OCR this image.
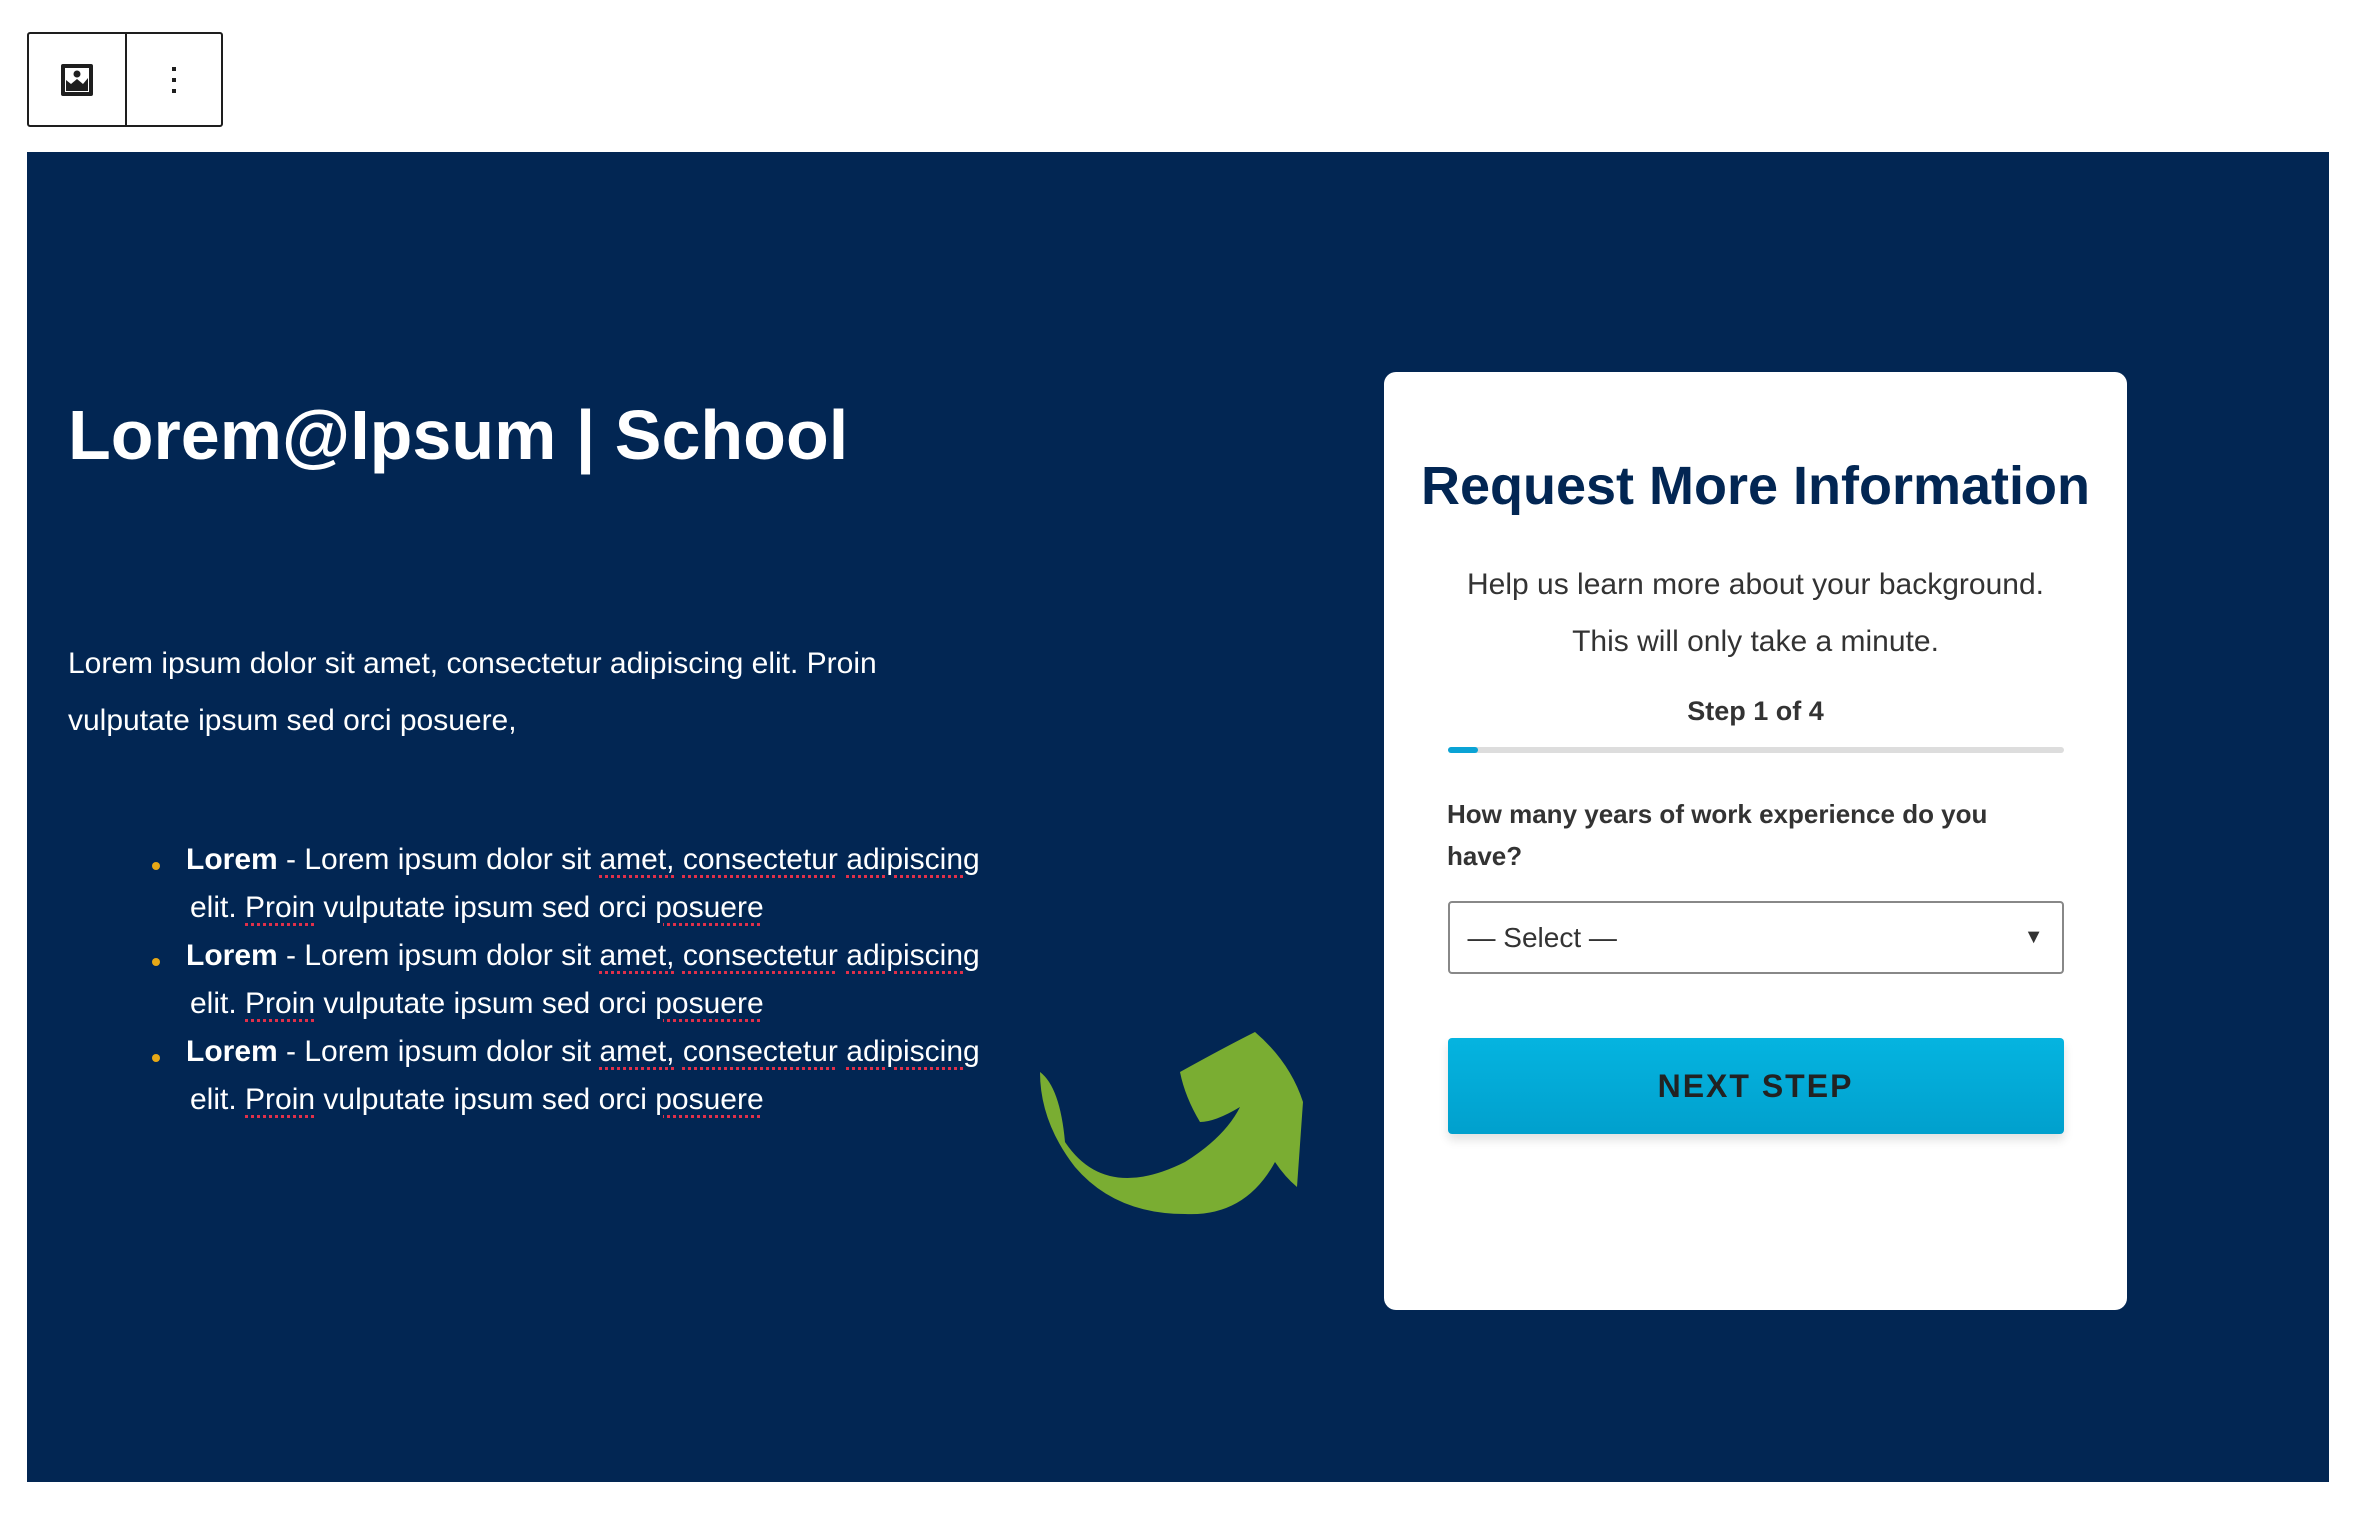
Lorem@Ipsum | School

Lorem ipsum dolor sit amet, consectetur adipiscing elit. Proin vulputate ipsum sed orci posuere,

Lorem - Lorem ipsum dolor sit amet, consectetur adipiscing elit. Proin vulputate ipsum sed orci posuere
Lorem - Lorem ipsum dolor sit amet, consectetur adipiscing elit. Proin vulputate ipsum sed orci posuere
Lorem - Lorem ipsum dolor sit amet, consectetur adipiscing elit. Proin vulputate ipsum sed orci posuere
Request More Information

Help us learn more about your background.
This will only take a minute.

Step 1 of 4
How many years of work experience do you have?
— Select —	▼
NEXT STEP
